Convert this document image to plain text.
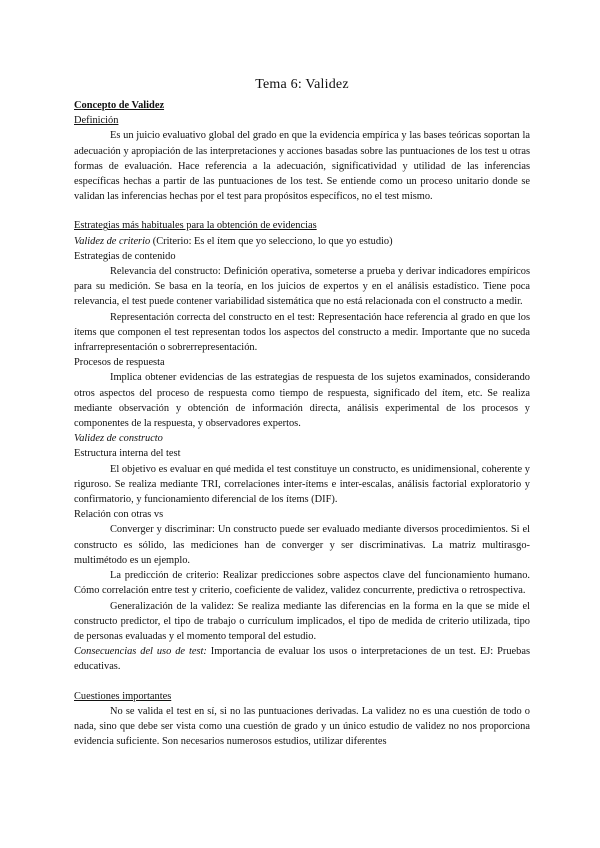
Tema 6: Validez

Concepto de Validez

Definición

Es un juicio evaluativo global del grado en que la evidencia empírica y las bases teóricas soportan la adecuación y apropiación de las interpretaciones y acciones basadas sobre las puntuaciones de los test u otras formas de evaluación. Hace referencia a la adecuación, significatividad y utilidad de las inferencias específicas hechas a partir de las puntuaciones de los test. Se entiende como un proceso unitario donde se validan las inferencias hechas por el test para propósitos específicos, no el test mismo.

Estrategias más habituales para la obtención de evidencias

Validez de criterio (Criterio: Es el ítem que yo selecciono, lo que yo estudio)

Estrategias de contenido

Relevancia del constructo: Definición operativa, someterse a prueba y derivar indicadores empíricos para su medición. Se basa en la teoría, en los juicios de expertos y en el análisis estadístico. Tiene poca relevancia, el test puede contener variabilidad sistemática que no está relacionada con el constructo a medir.

Representación correcta del constructo en el test: Representación hace referencia al grado en que los ítems que componen el test representan todos los aspectos del constructo a medir. Importante que no suceda infrarrepresentación o sobrerrepresentación.

Procesos de respuesta

Implica obtener evidencias de las estrategias de respuesta de los sujetos examinados, considerando otros aspectos del proceso de respuesta como tiempo de respuesta, significado del ítem, etc. Se realiza mediante observación y obtención de información directa, análisis experimental de los procesos y componentes de la respuesta, y observadores expertos.

Validez de constructo

Estructura interna del test

El objetivo es evaluar en qué medida el test constituye un constructo, es unidimensional, coherente y riguroso. Se realiza mediante TRI, correlaciones inter-ítems e inter-escalas, análisis factorial exploratorio y confirmatorio, y funcionamiento diferencial de los ítems (DIF).

Relación con otras vs

Converger y discriminar: Un constructo puede ser evaluado mediante diversos procedimientos. Si el constructo es sólido, las mediciones han de converger y ser discriminativas. La matriz multirasgo-multimétodo es un ejemplo.

La predicción de criterio: Realizar predicciones sobre aspectos clave del funcionamiento humano. Cómo correlación entre test y criterio, coeficiente de validez, validez concurrente, predictiva o retrospectiva.

Generalización de la validez: Se realiza mediante las diferencias en la forma en la que se mide el constructo predictor, el tipo de trabajo o currículum implicados, el tipo de medida de criterio utilizada, tipo de personas evaluadas y el momento temporal del estudio.

Consecuencias del uso de test: Importancia de evaluar los usos o interpretaciones de un test. EJ: Pruebas educativas.

Cuestiones importantes

No se valida el test en sí, si no las puntuaciones derivadas. La validez no es una cuestión de todo o nada, sino que debe ser vista como una cuestión de grado y un único estudio de validez no nos proporciona evidencia suficiente. Son necesarios numerosos estudios, utilizar diferentes
